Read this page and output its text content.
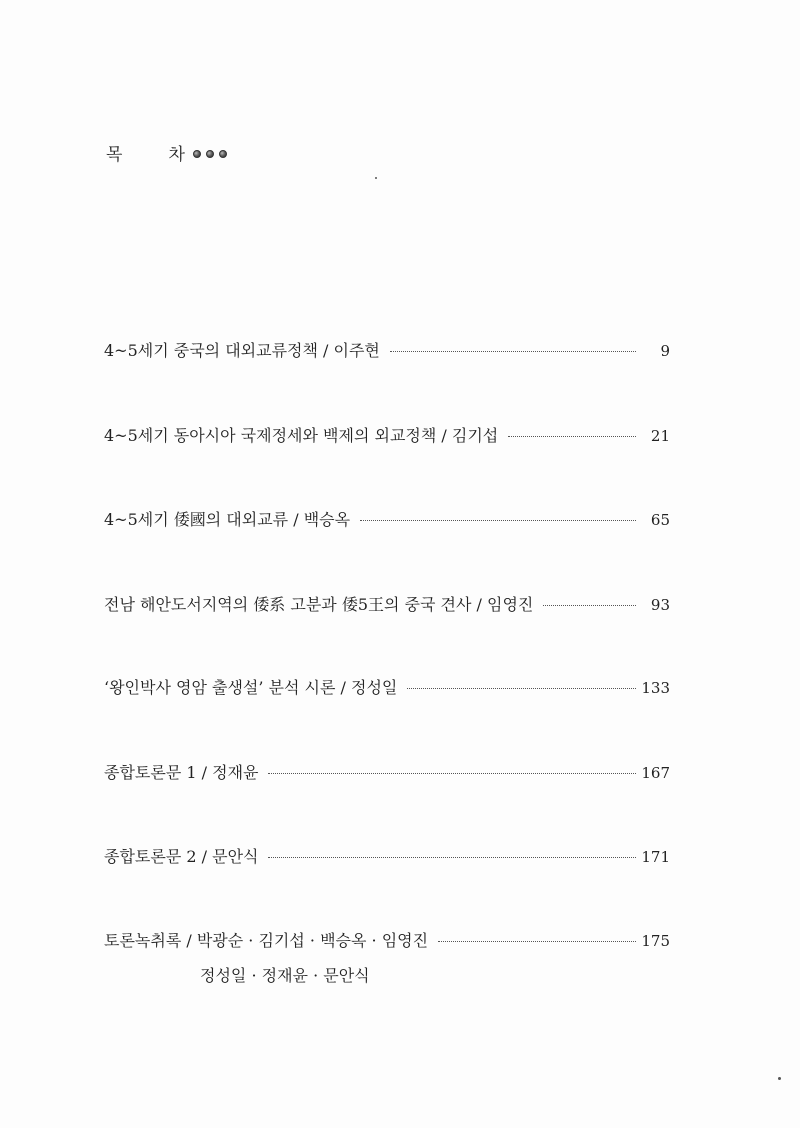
목	차
4~5세기 중국의 대외교류정책 / 이주현	9
4~5세기 동아시아 국제정세와 백제의 외교정책 / 김기섭	21
4~5세기 倭國의 대외교류 / 백승옥	65
전남 해안도서지역의 倭系 고분과 倭5王의 중국 견사 / 임영진	93
‘왕인박사 영암 출생설’ 분석 시론 / 정성일	133
종합토론문 1 / 정재윤	167
종합토론문 2 / 문안식	171
토론녹취록 / 박광순 · 김기섭 · 백승옥 · 임영진	175
정성일 · 정재윤 · 문안식
